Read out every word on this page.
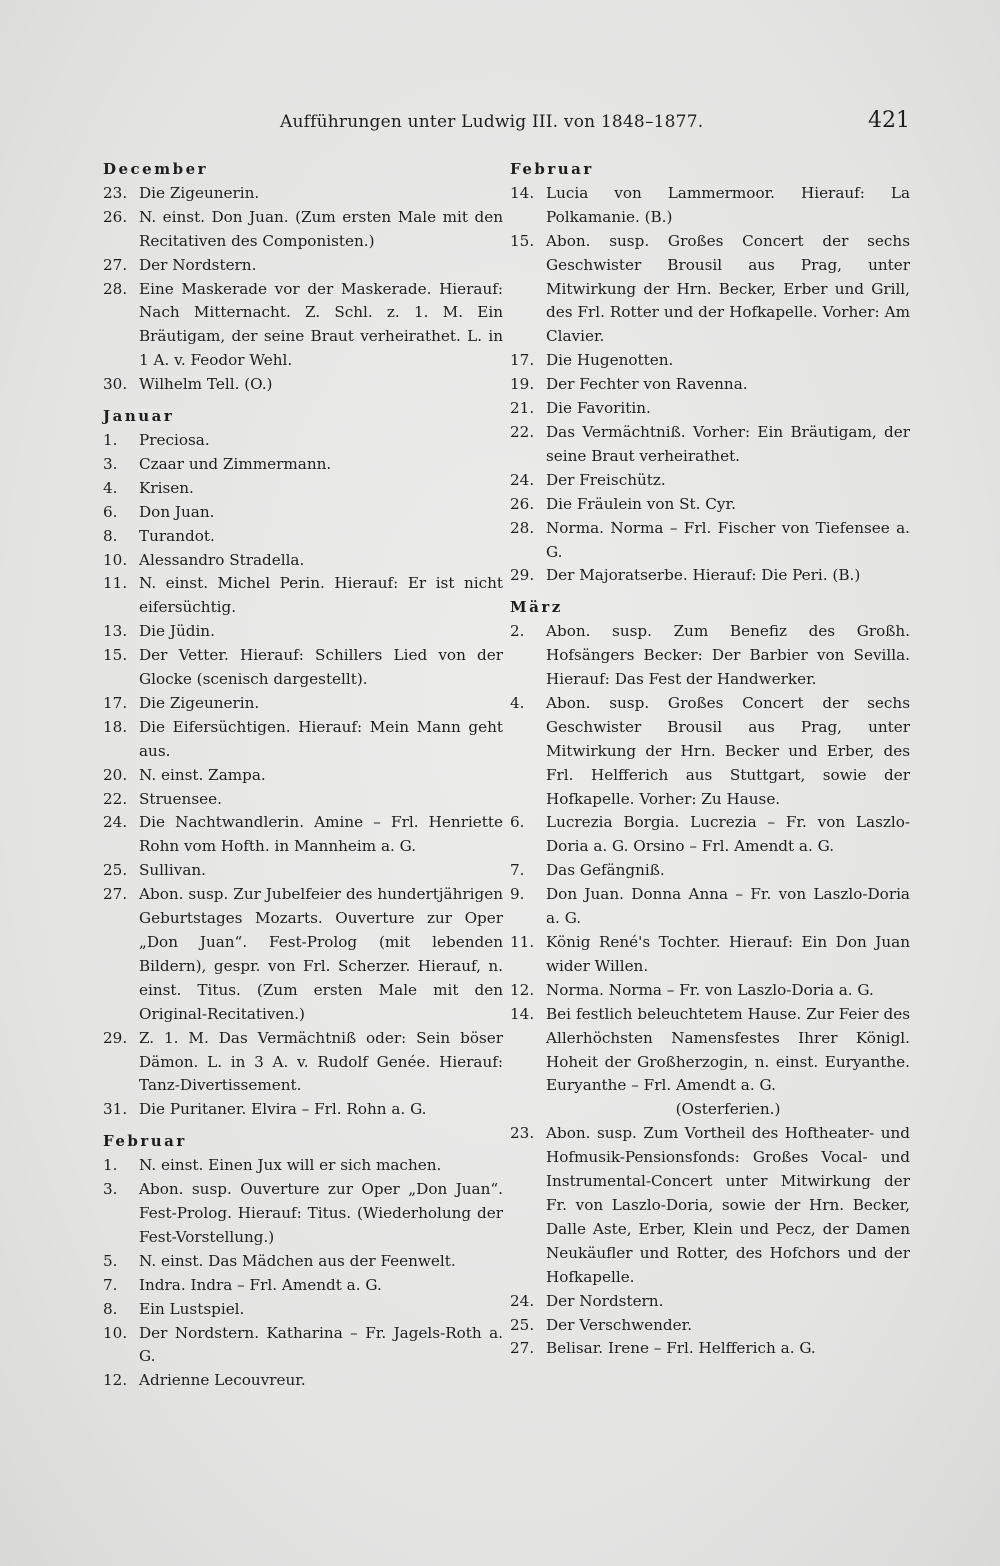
Aufführungen unter Ludwig III. von 1848–1877.	421
December
23. Die Zigeunerin.
26. N. einst. Don Juan. (Zum ersten Male mit den Recitativen des Componisten.)
27. Der Nordstern.
28. Eine Maskerade vor der Maskerade. Hierauf: Nach Mitternacht. Z. Schl. z. 1. M. Ein Bräutigam, der seine Braut verheirathet. L. in 1 A. v. Feodor Wehl.
30. Wilhelm Tell. (O.)
Januar
1. Preciosa.
3. Czaar und Zimmermann.
4. Krisen.
6. Don Juan.
8. Turandot.
10. Alessandro Stradella.
11. N. einst. Michel Perin. Hierauf: Er ist nicht eifersüchtig.
13. Die Jüdin.
15. Der Vetter. Hierauf: Schillers Lied von der Glocke (scenisch dargestellt).
17. Die Zigeunerin.
18. Die Eifersüchtigen. Hierauf: Mein Mann geht aus.
20. N. einst. Zampa.
22. Struensee.
24. Die Nachtwandlerin. Amine – Frl. Henriette Rohn vom Hofth. in Mannheim a. G.
25. Sullivan.
27. Abon. susp. Zur Jubelfeier des hundertjährigen Geburtstages Mozarts. Ouverture zur Oper „Don Juan“. Fest-Prolog (mit lebenden Bildern), gespr. von Frl. Scherzer. Hierauf, n. einst. Titus. (Zum ersten Male mit den Original-Recitativen.)
29. Z. 1. M. Das Vermächtniß oder: Sein böser Dämon. L. in 3 A. v. Rudolf Genée. Hierauf: Tanz-Divertissement.
31. Die Puritaner. Elvira – Frl. Rohn a. G.
Februar
1. N. einst. Einen Jux will er sich machen.
3. Abon. susp. Ouverture zur Oper „Don Juan“. Fest-Prolog. Hierauf: Titus. (Wiederholung der Fest-Vorstellung.)
5. N. einst. Das Mädchen aus der Feenwelt.
7. Indra. Indra – Frl. Amendt a. G.
8. Ein Lustspiel.
10. Der Nordstern. Katharina – Fr. Jagels-Roth a. G.
12. Adrienne Lecouvreur.
Februar
14. Lucia von Lammermoor. Hierauf: La Polkamanie. (B.)
15. Abon. susp. Großes Concert der sechs Geschwister Brousil aus Prag, unter Mitwirkung der Hrn. Becker, Erber und Grill, des Frl. Rotter und der Hofkapelle. Vorher: Am Clavier.
17. Die Hugenotten.
19. Der Fechter von Ravenna.
21. Die Favoritin.
22. Das Vermächtniß. Vorher: Ein Bräutigam, der seine Braut verheirathet.
24. Der Freischütz.
26. Die Fräulein von St. Cyr.
28. Norma. Norma – Frl. Fischer von Tiefensee a. G.
29. Der Majoratserbe. Hierauf: Die Peri. (B.)
März
2. Abon. susp. Zum Benefiz des Großh. Hofsängers Becker: Der Barbier von Sevilla. Hierauf: Das Fest der Handwerker.
4. Abon. susp. Großes Concert der sechs Geschwister Brousil aus Prag, unter Mitwirkung der Hrn. Becker und Erber, des Frl. Helfferich aus Stuttgart, sowie der Hofkapelle. Vorher: Zu Hause.
6. Lucrezia Borgia. Lucrezia – Fr. von Laszlo-Doria a. G. Orsino – Frl. Amendt a. G.
7. Das Gefängniß.
9. Don Juan. Donna Anna – Fr. von Laszlo-Doria a. G.
11. König René's Tochter. Hierauf: Ein Don Juan wider Willen.
12. Norma. Norma – Fr. von Laszlo-Doria a. G.
14. Bei festlich beleuchtetem Hause. Zur Feier des Allerhöchsten Namensfestes Ihrer Königl. Hoheit der Großherzogin, n. einst. Euryanthe. Euryanthe – Frl. Amendt a. G.
(Osterferien.)
23. Abon. susp. Zum Vortheil des Hoftheater- und Hofmusik-Pensionsfonds: Großes Vocal- und Instrumental-Concert unter Mitwirkung der Fr. von Laszlo-Doria, sowie der Hrn. Becker, Dalle Aste, Erber, Klein und Pecz, der Damen Neukäufler und Rotter, des Hofchors und der Hofkapelle.
24. Der Nordstern.
25. Der Verschwender.
27. Belisar. Irene – Frl. Helfferich a. G.
